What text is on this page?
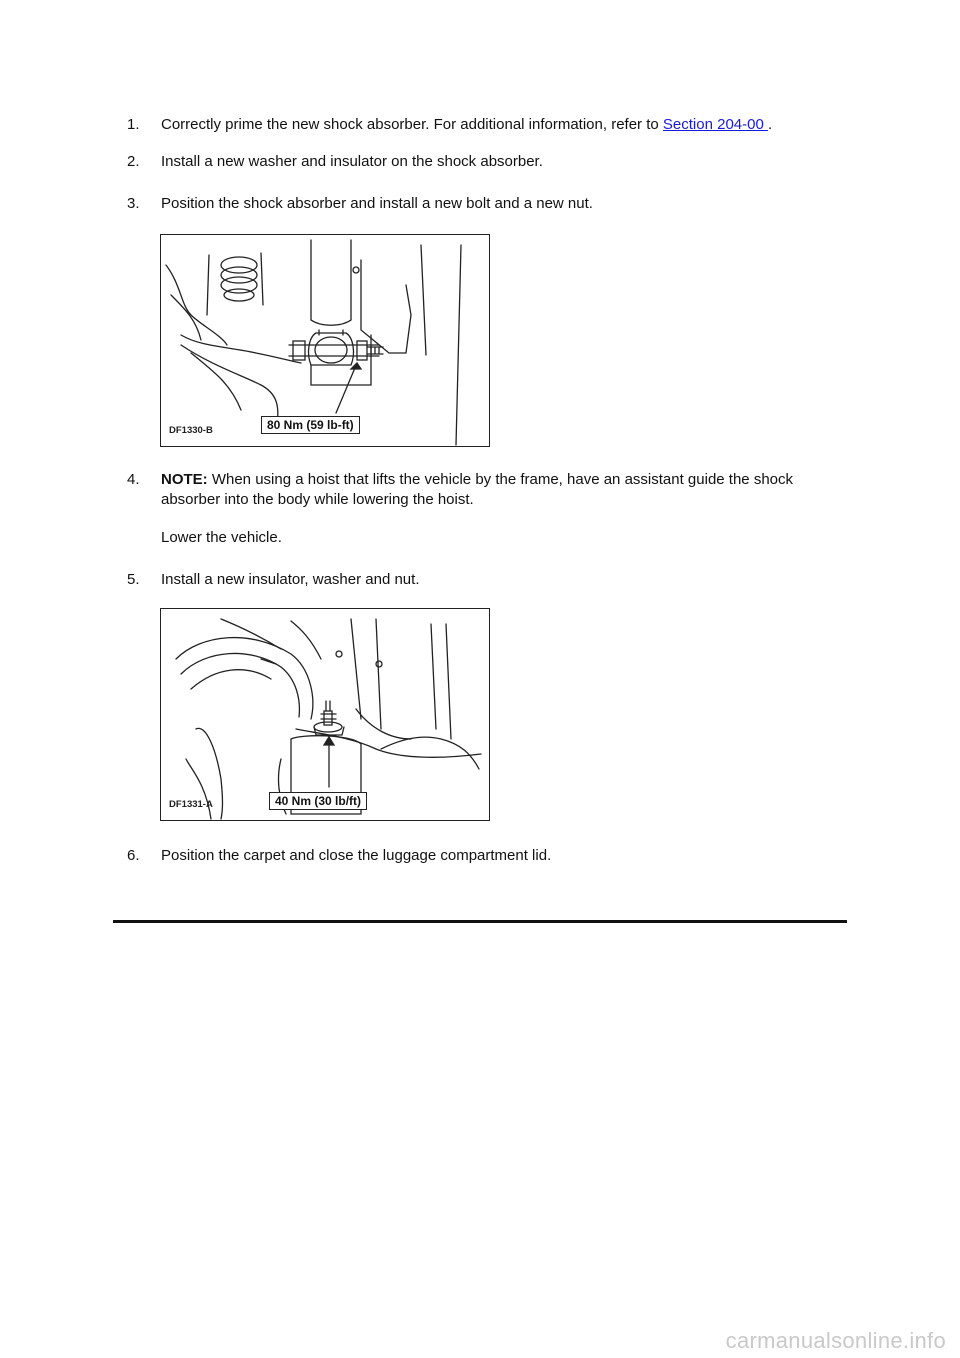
1.	Correctly prime the new shock absorber. For additional information, refer to Section 204-00 .
2.	Install a new washer and insulator on the shock absorber.
3.	Position the shock absorber and install a new bolt and a new nut.
80 Nm (59 lb-ft)
DF1330-B
4.	NOTE: When using a hoist that lifts the vehicle by the frame, have an assistant guide the shock absorber into the body while lowering the hoist.
Lower the vehicle.
5.	Install a new insulator, washer and nut.
40 Nm (30 lb/ft)
DF1331-A
6.	Position the carpet and close the luggage compartment lid.
carmanualsonline.info
